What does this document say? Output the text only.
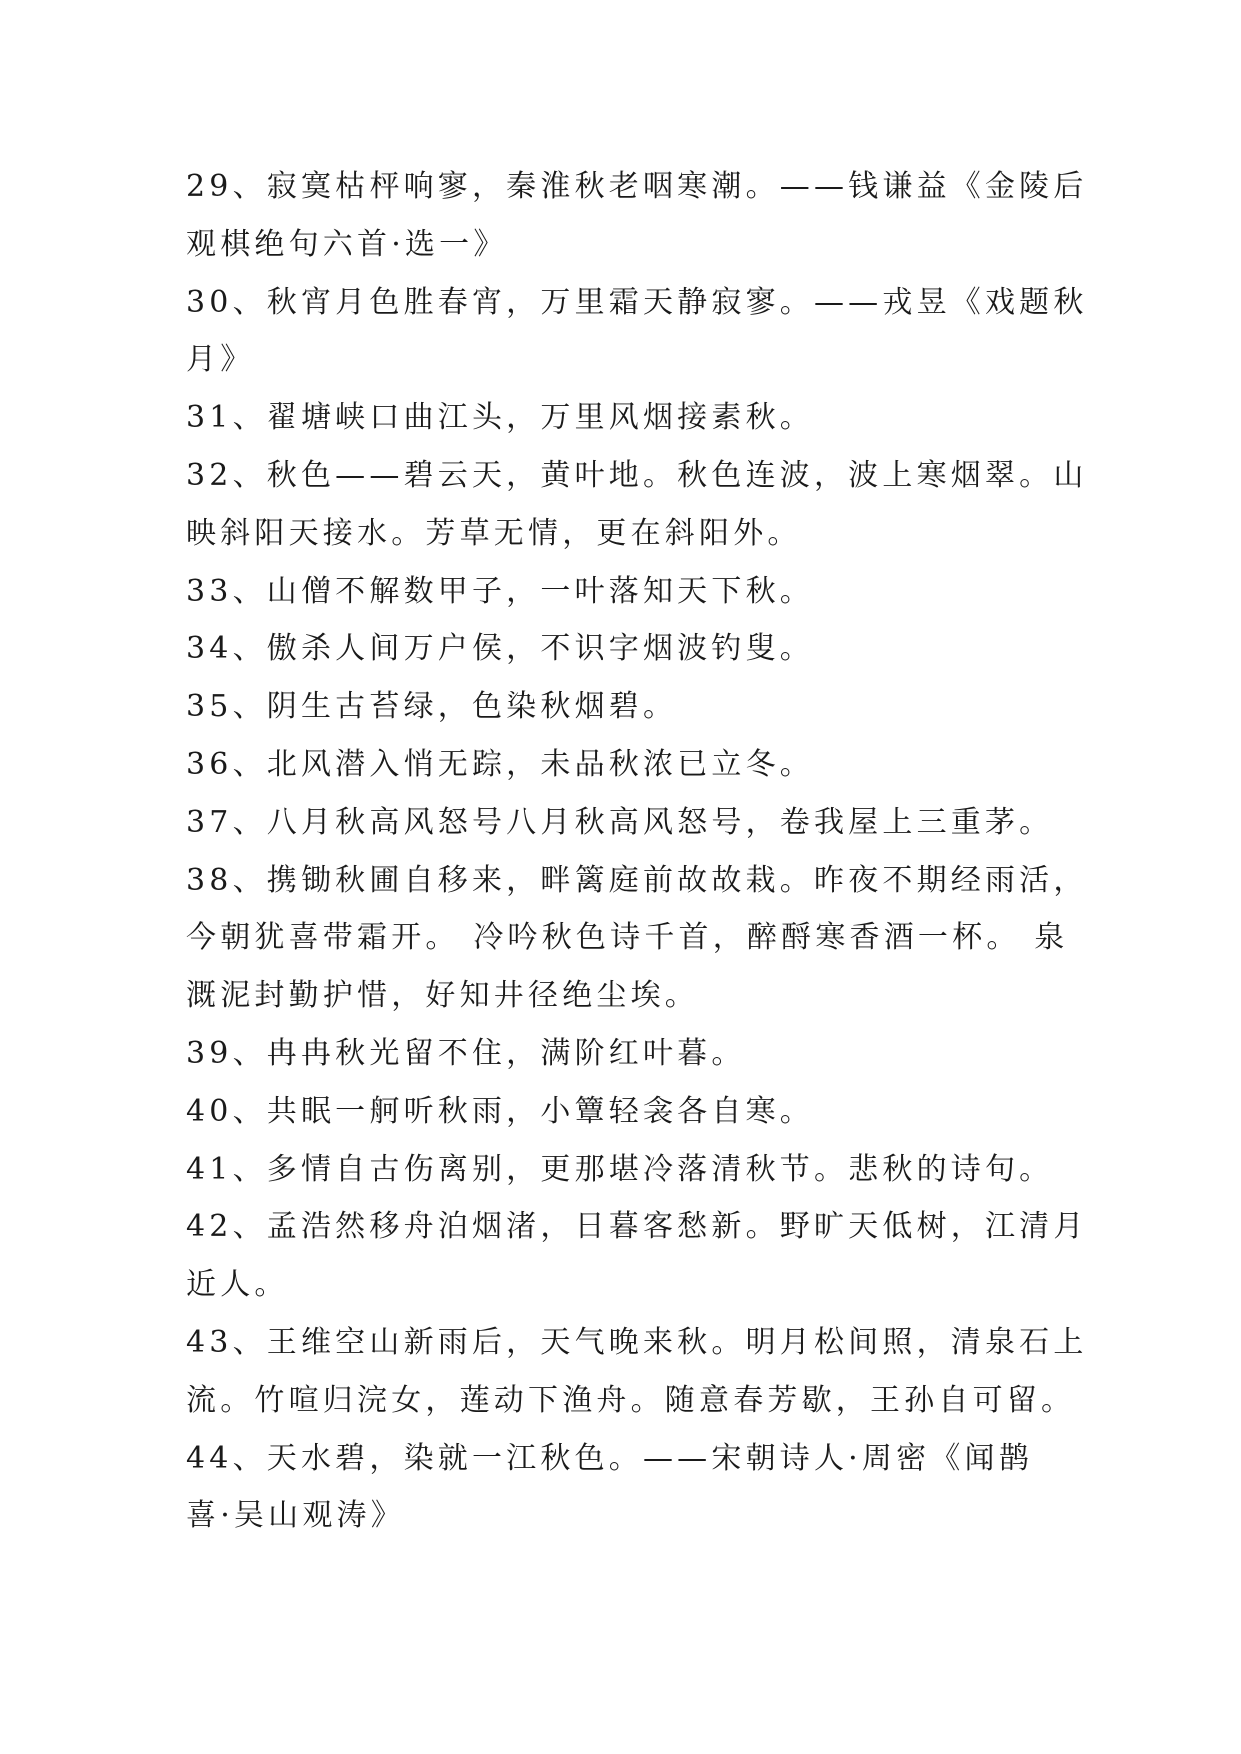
29、寂寞枯枰响寥，秦淮秋老咽寒潮。——钱谦益《金陵后
观棋绝句六首·选一》
30、秋宵月色胜春宵，万里霜天静寂寥。——戎昱《戏题秋
月》
31、翟塘峡口曲江头，万里风烟接素秋。
32、秋色——碧云天，黄叶地。秋色连波，波上寒烟翠。山
映斜阳天接水。芳草无情，更在斜阳外。
33、山僧不解数甲子，一叶落知天下秋。
34、傲杀人间万户侯，不识字烟波钓叟。
35、阴生古苔绿，色染秋烟碧。
36、北风潜入悄无踪，未品秋浓已立冬。
37、八月秋高风怒号八月秋高风怒号，卷我屋上三重茅。
38、携锄秋圃自移来，畔篱庭前故故栽。昨夜不期经雨活，
今朝犹喜带霜开。 冷吟秋色诗千首，醉酹寒香酒一杯。 泉
溉泥封勤护惜，好知井径绝尘埃。
39、冉冉秋光留不住，满阶红叶暮。
40、共眠一舸听秋雨，小簟轻衾各自寒。
41、多情自古伤离别，更那堪冷落清秋节。悲秋的诗句。
42、孟浩然移舟泊烟渚，日暮客愁新。野旷天低树，江清月
近人。
43、王维空山新雨后，天气晚来秋。明月松间照，清泉石上
流。竹喧归浣女，莲动下渔舟。随意春芳歇，王孙自可留。
44、天水碧，染就一江秋色。——宋朝诗人·周密《闻鹊
喜·吴山观涛》
